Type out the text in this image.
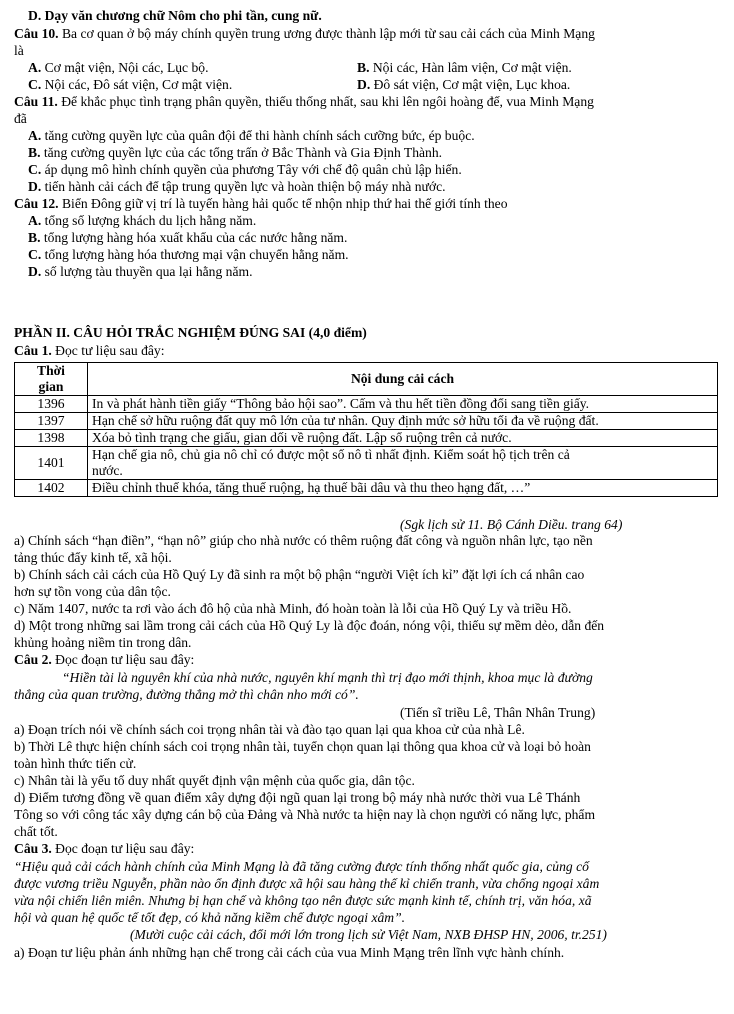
D. Dạy văn chương chữ Nôm cho phi tần, cung nữ.
Câu 10. Ba cơ quan ở bộ máy chính quyền trung ương được thành lập mới từ sau cải cách của Minh Mạng
là
A. Cơ mật viện, Nội các, Lục bộ.	B. Nội các, Hàn lâm viện, Cơ mật viện.
C. Nội các, Đô sát viện, Cơ mật viện.	D. Đô sát viện, Cơ mật viện, Lục khoa.
Câu 11. Để khắc phục tình trạng phân quyền, thiếu thống nhất, sau khi lên ngôi hoàng đế, vua Minh Mạng
đã
A. tăng cường quyền lực của quân đội để thi hành chính sách cưỡng bức, ép buộc.
B. tăng cường quyền lực của các tổng trấn ở Bắc Thành và Gia Định Thành.
C. áp dụng mô hình chính quyền của phương Tây với chế độ quân chủ lập hiến.
D. tiến hành cải cách để tập trung quyền lực và hoàn thiện bộ máy nhà nước.
Câu 12. Biển Đông giữ vị trí là tuyến hàng hải quốc tế nhộn nhịp thứ hai thế giới tính theo
A. tổng số lượng khách du lịch hằng năm.
B. tổng lượng hàng hóa xuất khẩu của các nước hằng năm.
C. tổng lượng hàng hóa thương mại vận chuyển hằng năm.
D. số lượng tàu thuyền qua lại hằng năm.
PHẦN II. CÂU HỎI TRẮC NGHIỆM ĐÚNG SAI (4,0 điểm)
Câu 1. Đọc tư liệu sau đây:
Thời
gian	Nội dung cải cách
1396	In và phát hành tiền giấy “Thông bảo hội sao”. Cấm và thu hết tiền đồng đổi sang tiền giấy.
1397	Hạn chế sở hữu ruộng đất quy mô lớn của tư nhân. Quy định mức sở hữu tối đa về ruộng đất.
1398	Xóa bỏ tình trạng che giấu, gian dối về ruộng đất. Lập sổ ruộng trên cả nước.
1401	Hạn chế gia nô, chủ gia nô chỉ có được một số nô tì nhất định. Kiểm soát hộ tịch trên cả
nước.
1402	Điều chỉnh thuế khóa, tăng thuế ruộng, hạ thuế bãi dâu và thu theo hạng đất, …”
(Sgk lịch sử 11. Bộ Cánh Diều. trang 64)
a) Chính sách “hạn điền”, “hạn nô” giúp cho nhà nước có thêm ruộng đất công và nguồn nhân lực, tạo nền
tảng thúc đẩy kinh tế, xã hội.
b) Chính sách cải cách của Hồ Quý Ly đã sinh ra một bộ phận “người Việt ích kỉ” đặt lợi ích cá nhân cao
hơn sự tồn vong của dân tộc.
c) Năm 1407, nước ta rơi vào ách đô hộ của nhà Minh, đó hoàn toàn là lỗi của Hồ Quý Ly và triều Hồ.
d) Một trong những sai lầm trong cải cách của Hồ Quý Ly là độc đoán, nóng vội, thiếu sự mềm dẻo, dẫn đến
khủng hoảng niềm tin trong dân.
Câu 2. Đọc đoạn tư liệu sau đây:
“Hiền tài là nguyên khí của nhà nước, nguyên khí mạnh thì trị đạo mới thịnh, khoa mục là đường
thẳng của quan trường, đường thẳng mở thì chân nho mới có”.
(Tiến sĩ triều Lê, Thân Nhân Trung)
a) Đoạn trích nói về chính sách coi trọng nhân tài và đào tạo quan lại qua khoa cử của nhà Lê.
b) Thời Lê thực hiện chính sách coi trọng nhân tài, tuyển chọn quan lại thông qua khoa cử và loại bỏ hoàn
toàn hình thức tiến cử.
c) Nhân tài là yếu tố duy nhất quyết định vận mệnh của quốc gia, dân tộc.
d) Điểm tương đồng về quan điểm xây dựng đội ngũ quan lại trong bộ máy nhà nước thời vua Lê Thánh
Tông so với công tác xây dựng cán bộ của Đảng và Nhà nước ta hiện nay là chọn người có năng lực, phẩm
chất tốt.
Câu 3. Đọc đoạn tư liệu sau đây:
“Hiệu quả cải cách hành chính của Minh Mạng là đã tăng cường được tính thống nhất quốc gia, củng cố
được vương triều Nguyễn, phần nào ổn định được xã hội sau hàng thế kỉ chiến tranh, vừa chống ngoại xâm
vừa nội chiến liên miên. Nhưng bị hạn chế và không tạo nên được sức mạnh kinh tế, chính trị, văn hóa, xã
hội và quan hệ quốc tế tốt đẹp, có khả năng kiềm chế được ngoại xâm”.
(Mười cuộc cải cách, đổi mới lớn trong lịch sử Việt Nam, NXB ĐHSP HN, 2006, tr.251)
a) Đoạn tư liệu phản ánh những hạn chế trong cải cách của vua Minh Mạng trên lĩnh vực hành chính.
